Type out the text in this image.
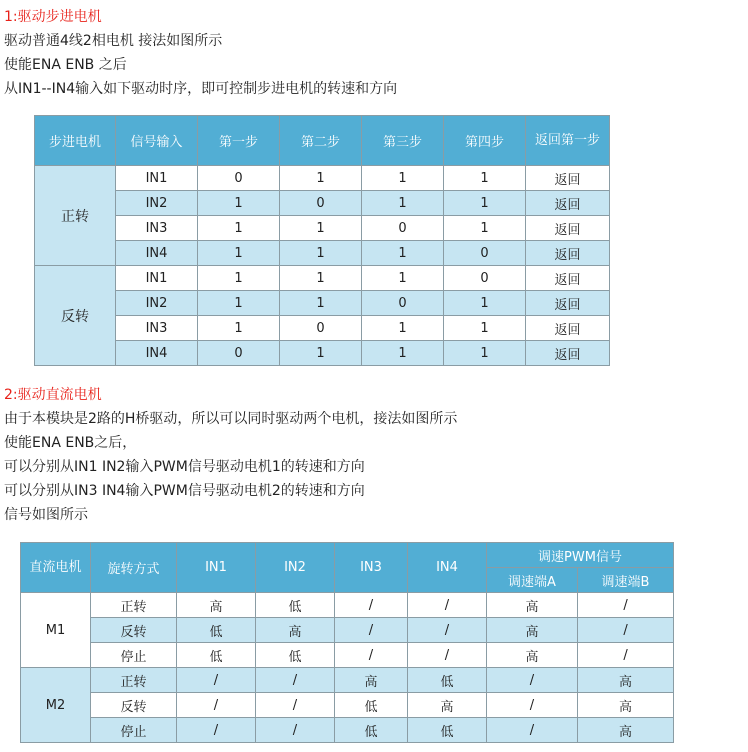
1:驱动步进电机
驱动普通4线2相电机 接法如图所示
使能ENA ENB 之后
从IN1--IN4输入如下驱动时序，即可控制步进电机的转速和方向
步进电机	信号输入	第一步	第二步	第三步	第四步	返回第一步
正转	IN1	0	1	1	1	返回
	IN2	1	0	1	1	返回
	IN3	1	1	0	1	返回
	IN4	1	1	1	0	返回
反转	IN1	1	1	1	0	返回
	IN2	1	1	0	1	返回
	IN3	1	0	1	1	返回
	IN4	0	1	1	1	返回
2:驱动直流电机
由于本模块是2路的H桥驱动，所以可以同时驱动两个电机，接法如图所示
使能ENA ENB之后，
可以分别从IN1 IN2输入PWM信号驱动电机1的转速和方向
可以分别从IN3 IN4输入PWM信号驱动电机2的转速和方向
信号如图所示
直流电机	旋转方式	IN1	IN2	IN3	IN4	调速PWM信号	
						调速端A	调速端B
M1	正转	高	低	/	/	高	/
	反转	低	高	/	/	高	/
	停止	低	低	/	/	高	/
M2	正转	/	/	高	低	/	高
	反转	/	/	低	高	/	高
	停止	/	/	低	低	/	高
